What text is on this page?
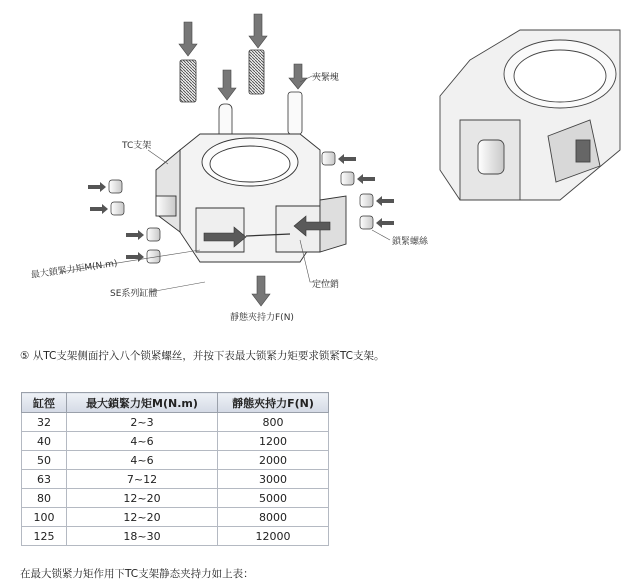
夾緊塊
TC支架
鎖緊螺絲
最大鎖緊力矩M(N.m)
SE系列缸體
定位銷
靜態夾持力F(N)
⑤ 从TC支架侧面拧入八个锁紧螺丝，并按下表最大锁紧力矩要求锁紧TC支架。
缸徑	最大鎖緊力矩M(N.m)	靜態夾持力F(N)
32	2~3	800
40	4~6	1200
50	4~6	2000
63	7~12	3000
80	12~20	5000
100	12~20	8000
125	18~30	12000
在最大锁紧力矩作用下TC支架静态夹持力如上表：
